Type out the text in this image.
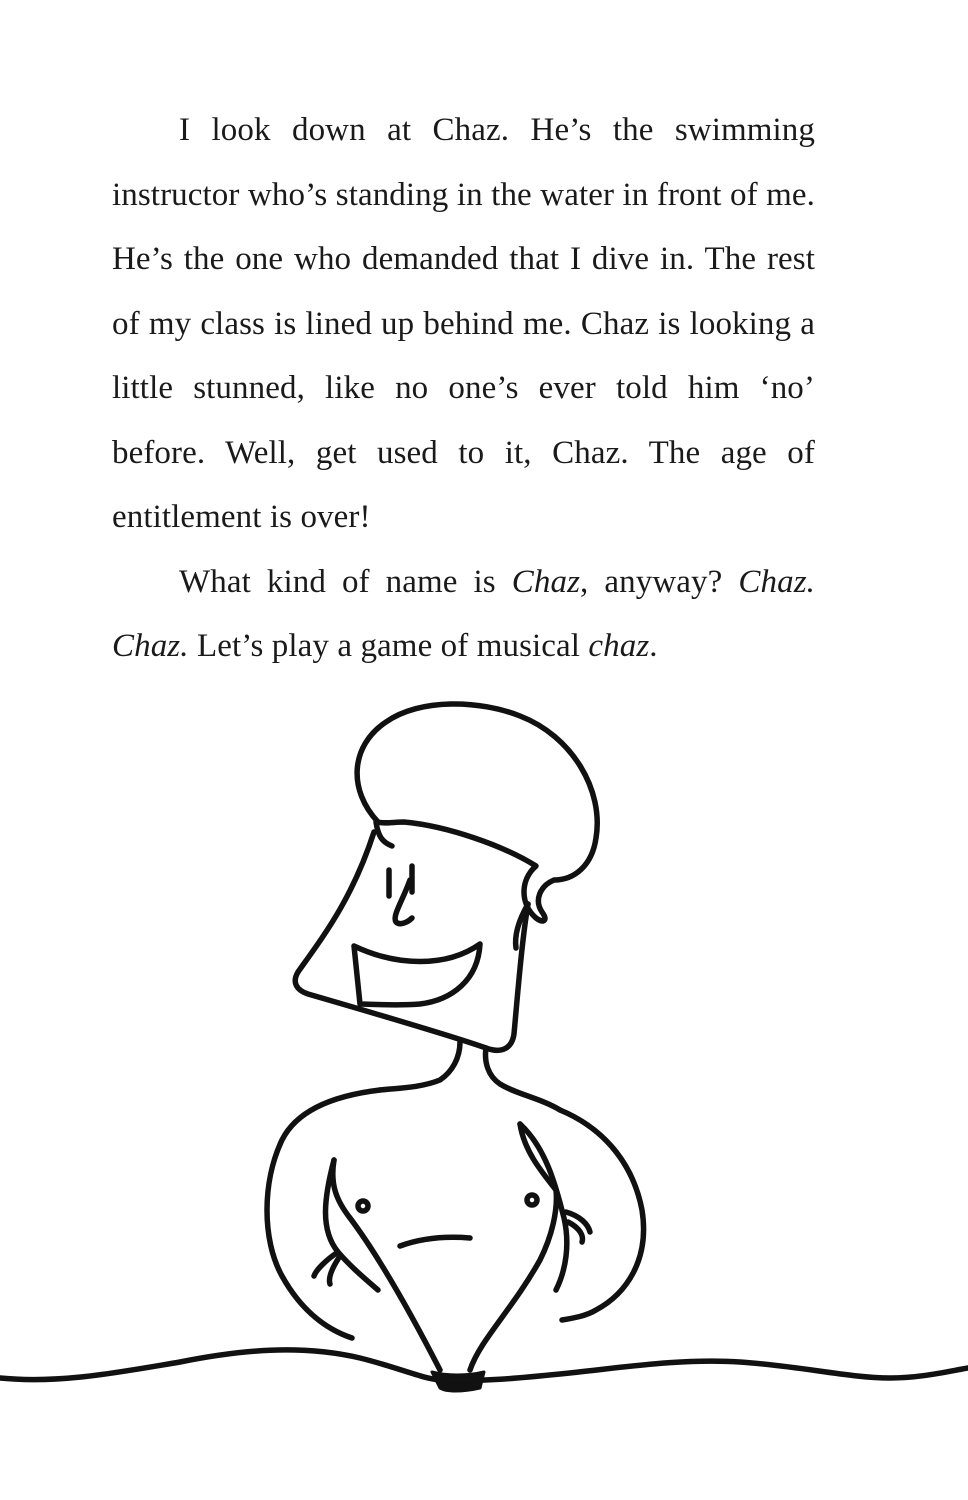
I look down at Chaz. He’s the swimming instructor who’s standing in the water in front of me. He’s the one who demanded that I dive in. The rest of my class is lined up behind me. Chaz is looking a little stunned, like no one’s ever told him ‘no’ before. Well, get used to it, Chaz. The age of entitlement is over!

What kind of name is Chaz, anyway? Chaz. Chaz. Let’s play a game of musical chaz.
